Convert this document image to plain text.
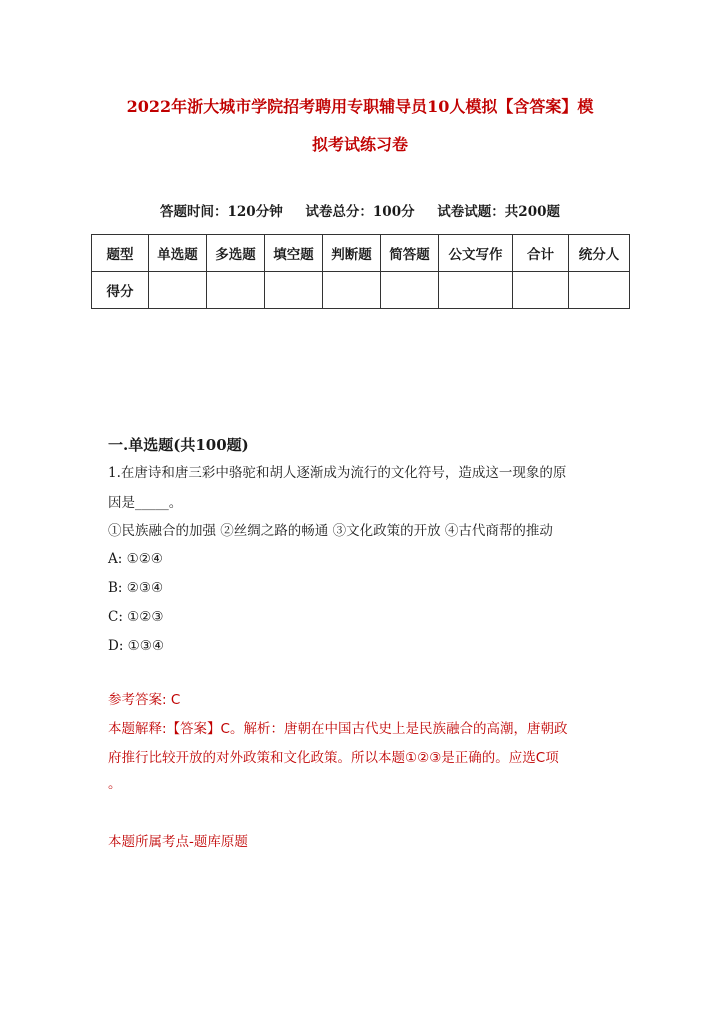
2022年浙大城市学院招考聘用专职辅导员10人模拟【含答案】模
拟考试练习卷
答题时间：120分钟 试卷总分：100分 试卷试题：共200题
题型	单选题	多选题	填空题	判断题	简答题	公文写作	合计	统分人
得分								
一.单选题(共100题)
1.在唐诗和唐三彩中骆驼和胡人逐渐成为流行的文化符号，造成这一现象的原
因是_____。
①民族融合的加强 ②丝绸之路的畅通 ③文化政策的开放 ④古代商帮的推动
A: ①②④
B: ②③④
C: ①②③
D: ①③④
参考答案: C
本题解释:【答案】C。解析：唐朝在中国古代史上是民族融合的高潮，唐朝政
府推行比较开放的对外政策和文化政策。所以本题①②③是正确的。应选C项
。
本题所属考点-题库原题
